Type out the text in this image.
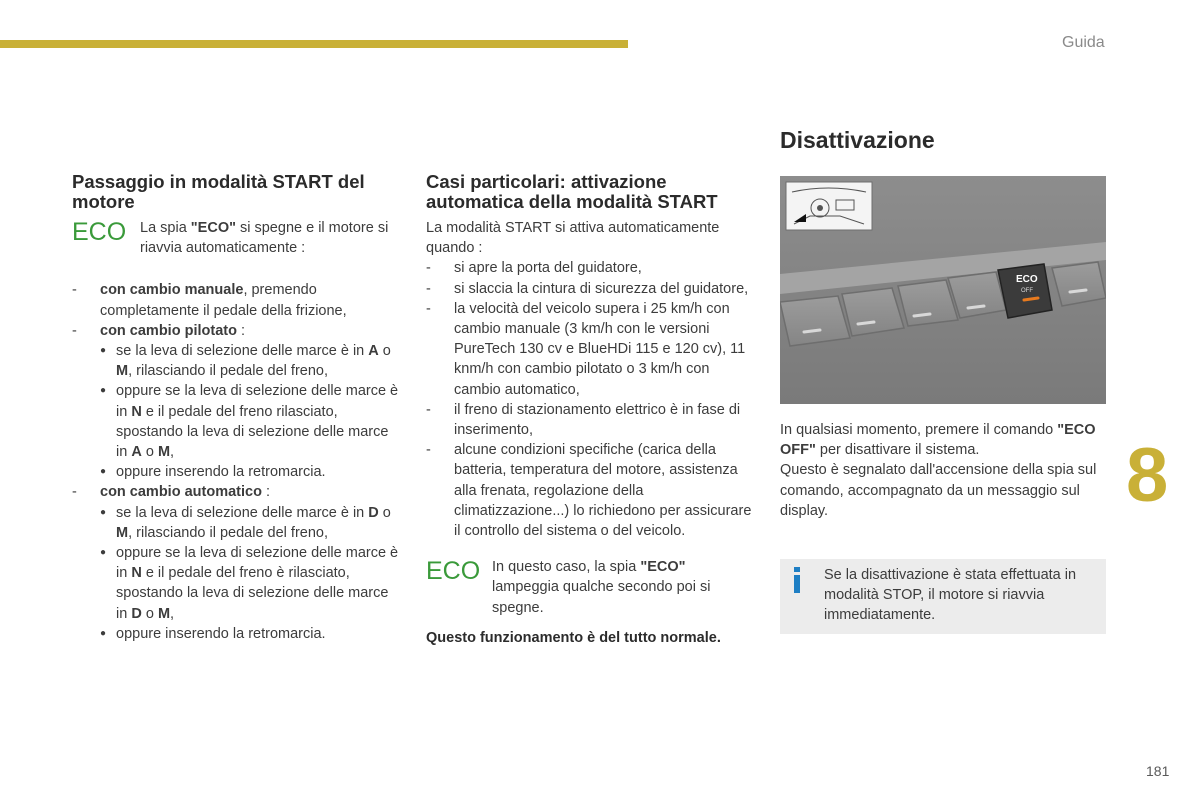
Guida
8
181
Passaggio in modalità START del motore
ECO La spia "ECO" si spegne e il motore si riavvia automaticamente :
- con cambio manuale, premendo completamente il pedale della frizione,
- con cambio pilotato :
● se la leva di selezione delle marce è in A o M, rilasciando il pedale del freno,
● oppure se la leva di selezione delle marce è in N e il pedale del freno rilasciato, spostando la leva di selezione delle marce in A o M,
● oppure inserendo la retromarcia.
- con cambio automatico :
● se la leva di selezione delle marce è in D o M, rilasciando il pedale del freno,
● oppure se la leva di selezione delle marce è in N e il pedale del freno è rilasciato, spostando la leva di selezione delle marce in D o M,
● oppure inserendo la retromarcia.
Casi particolari: attivazione automatica della modalità START
La modalità START si attiva automaticamente quando :
- si apre la porta del guidatore,
- si slaccia la cintura di sicurezza del guidatore,
- la velocità del veicolo supera i 25 km/h con cambio manuale (3 km/h con le versioni PureTech 130 cv e BlueHDi 115 e 120 cv), 11 knm/h con cambio pilotato o 3 km/h con cambio automatico,
- il freno di stazionamento elettrico è in fase di inserimento,
- alcune condizioni specifiche (carica della batteria, temperatura del motore, assistenza alla frenata, regolazione della climatizzazione...) lo richiedono per assicurare il controllo del sistema o del veicolo.
ECO In questo caso, la spia "ECO" lampeggia qualche secondo poi si spegne.
Questo funzionamento è del tutto normale.
Disattivazione
ECO
OFF
In qualsiasi momento, premere il comando "ECO OFF" per disattivare il sistema.
Questo è segnalato dall'accensione della spia sul comando, accompagnato da un messaggio sul display.
Se la disattivazione è stata effettuata in modalità STOP, il motore si riavvia immediatamente.
